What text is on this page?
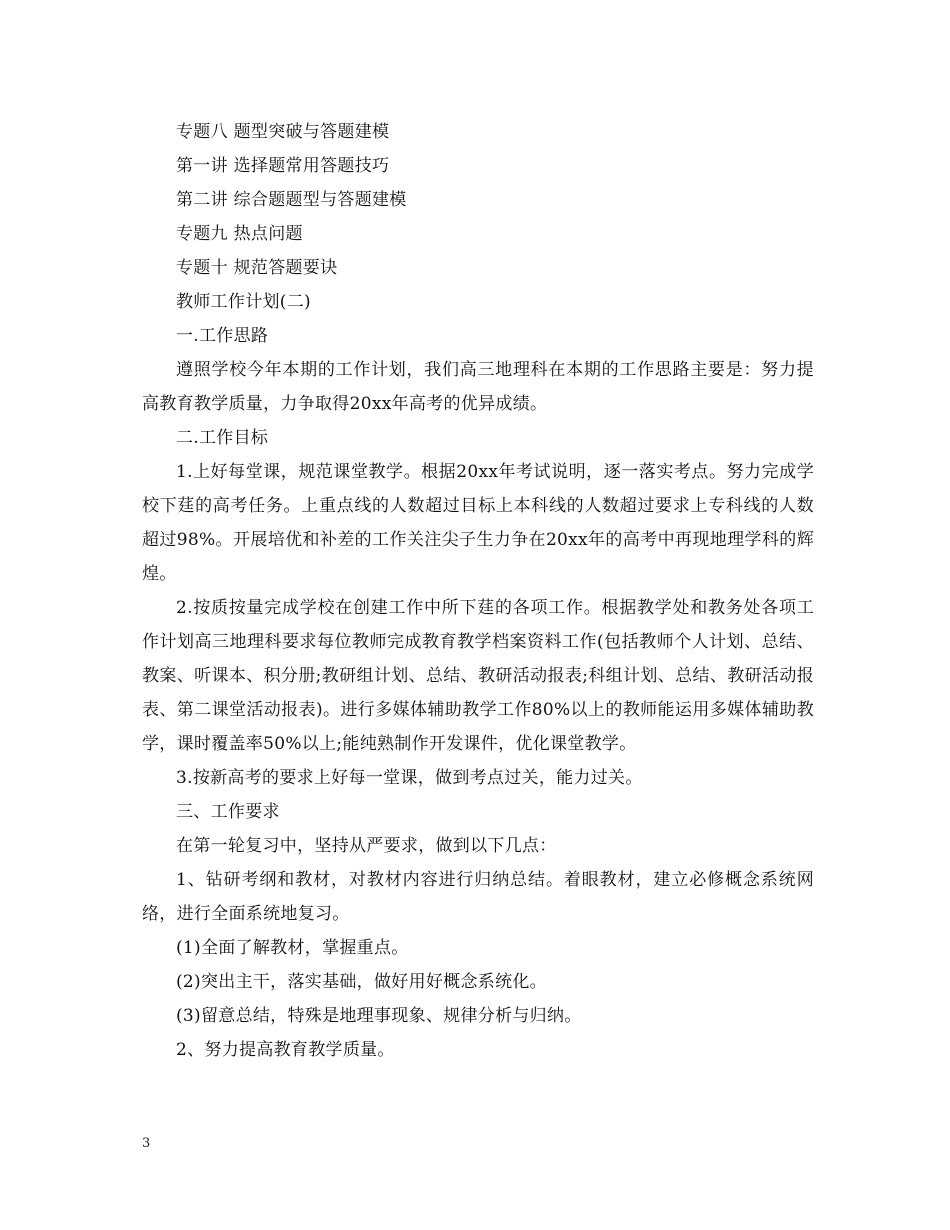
专题八 题型突破与答题建模

第一讲 选择题常用答题技巧

第二讲 综合题题型与答题建模

专题九 热点问题

专题十 规范答题要诀

教师工作计划(二)

一.工作思路

遵照学校今年本期的工作计划，我们高三地理科在本期的工作思路主要是：努力提高教育教学质量，力争取得20xx年高考的优异成绩。

二.工作目标

1.上好每堂课，规范课堂教学。根据20xx年考试说明，逐一落实考点。努力完成学校下莛的高考任务。上重点线的人数超过目标上本科线的人数超过要求上专科线的人数超过98%。开展培优和补差的工作关注尖子生力争在20xx年的高考中再现地理学科的辉煌。

2.按质按量完成学校在创建工作中所下莛的各项工作。根据教学处和教务处各项工作计划高三地理科要求每位教师完成教育教学档案资料工作(包括教师个人计划、总结、教案、听课本、积分册;教研组计划、总结、教研活动报表;科组计划、总结、教研活动报表、第二课堂活动报表)。进行多媒体辅助教学工作80%以上的教师能运用多媒体辅助教学，课时覆盖率50%以上;能纯熟制作开发课件，优化课堂教学。

3.按新高考的要求上好每一堂课，做到考点过关，能力过关。

三、工作要求

在第一轮复习中，坚持从严要求，做到以下几点：

1、钻研考纲和教材，对教材内容进行归纳总结。着眼教材，建立必修概念系统网络，进行全面系统地复习。

(1)全面了解教材，掌握重点。

(2)突出主干，落实基础，做好用好概念系统化。

(3)留意总结，特殊是地理事现象、规律分析与归纳。

2、努力提高教育教学质量。

3
